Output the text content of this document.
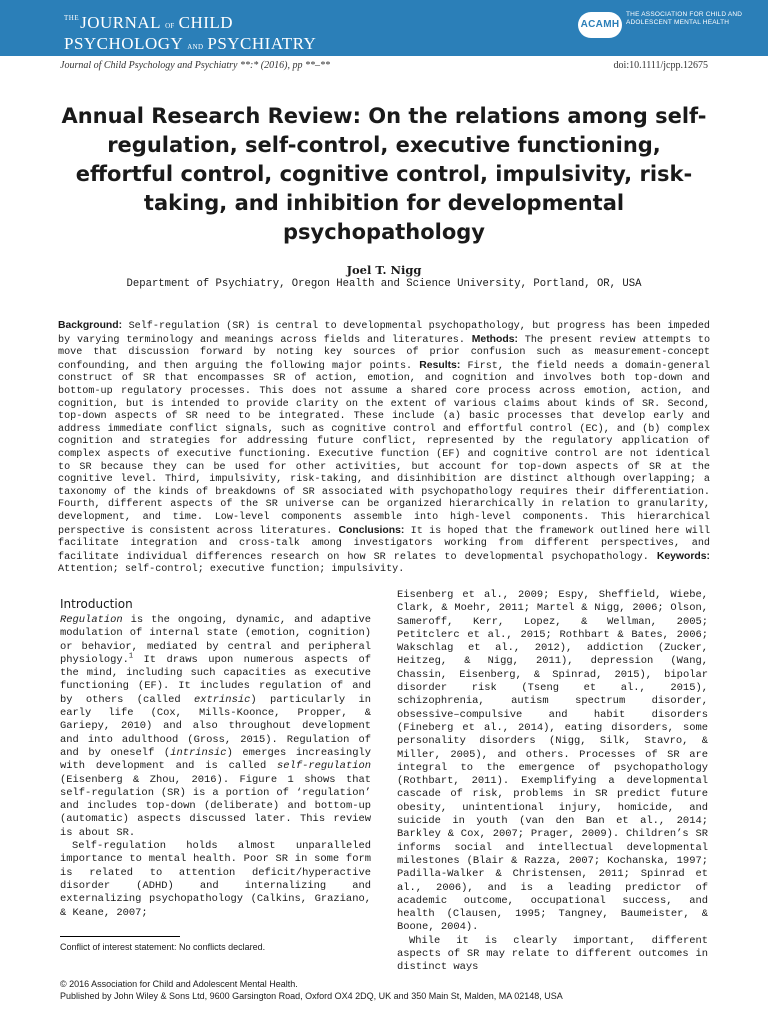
$^{THE}$JOURNAL OF CHILD
PSYCHOLOGY AND PSYCHIATRY
ACAMH
THE ASSOCIATION FOR CHILD AND ADOLESCENT MENTAL HEALTH
Journal of Child Psychology and Psychiatry **:* (2016), pp **–**	doi:10.1111/jcpp.12675
Annual Research Review: On the relations among self-regulation, self-control, executive functioning, effortful control, cognitive control, impulsivity, risk-taking, and inhibition for developmental psychopathology
Joel T. Nigg
Department of Psychiatry, Oregon Health and Science University, Portland, OR, USA
Background: Self-regulation (SR) is central to developmental psychopathology, but progress has been impeded by varying terminology and meanings across fields and literatures. Methods: The present review attempts to move that discussion forward by noting key sources of prior confusion such as measurement-concept confounding, and then arguing the following major points. Results: First, the field needs a domain-general construct of SR that encompasses SR of action, emotion, and cognition and involves both top-down and bottom-up regulatory processes. This does not assume a shared core process across emotion, action, and cognition, but is intended to provide clarity on the extent of various claims about kinds of SR. Second, top-down aspects of SR need to be integrated. These include (a) basic processes that develop early and address immediate conflict signals, such as cognitive control and effortful control (EC), and (b) complex cognition and strategies for addressing future conflict, represented by the regulatory application of complex aspects of executive functioning. Executive function (EF) and cognitive control are not identical to SR because they can be used for other activities, but account for top-down aspects of SR at the cognitive level. Third, impulsivity, risk-taking, and disinhibition are distinct although overlapping; a taxonomy of the kinds of breakdowns of SR associated with psychopathology requires their differentiation. Fourth, different aspects of the SR universe can be organized hierarchically in relation to granularity, development, and time. Low-level components assemble into high-level components. This hierarchical perspective is consistent across literatures. Conclusions: It is hoped that the framework outlined here will facilitate integration and cross-talk among investigators working from different perspectives, and facilitate individual differences research on how SR relates to developmental psychopathology. Keywords: Attention; self-control; executive function; impulsivity.
Introduction

Regulation is the ongoing, dynamic, and adaptive modulation of internal state (emotion, cognition) or behavior, mediated by central and peripheral physiology.$^1$ It draws upon numerous aspects of the mind, including such capacities as executive functioning (EF). It includes regulation of and by others (called extrinsic) particularly in early life (Cox, Mills-Koonce, Propper, & Gariepy, 2010) and also throughout development and into adulthood (Gross, 2015). Regulation of and by oneself (intrinsic) emerges increasingly with development and is called self-regulation (Eisenberg & Zhou, 2016). Figure 1 shows that self-regulation (SR) is a portion of ‘regulation’ and includes top-down (deliberate) and bottom-up (automatic) aspects discussed later. This review is about SR.

Self-regulation holds almost unparalleled importance to mental health. Poor SR in some form is related to attention deficit/hyperactive disorder (ADHD) and internalizing and externalizing psychopathology (Calkins, Graziano, & Keane, 2007;

Eisenberg et al., 2009; Espy, Sheffield, Wiebe, Clark, & Moehr, 2011; Martel & Nigg, 2006; Olson, Sameroff, Kerr, Lopez, & Wellman, 2005; Petitclerc et al., 2015; Rothbart & Bates, 2006; Wakschlag et al., 2012), addiction (Zucker, Heitzeg, & Nigg, 2011), depression (Wang, Chassin, Eisenberg, & Spinrad, 2015), bipolar disorder risk (Tseng et al., 2015), schizophrenia, autism spectrum disorder, obsessive–compulsive and habit disorders (Fineberg et al., 2014), eating disorders, some personality disorders (Nigg, Silk, Stavro, & Miller, 2005), and others. Processes of SR are integral to the emergence of psychopathology (Rothbart, 2011). Exemplifying a developmental cascade of risk, problems in SR predict future obesity, unintentional injury, homicide, and suicide in youth (van den Ban et al., 2014; Barkley & Cox, 2007; Prager, 2009). Children’s SR informs social and intellectual developmental milestones (Blair & Razza, 2007; Kochanska, 1997; Padilla-Walker & Christensen, 2011; Spinrad et al., 2006), and is a leading predictor of academic outcome, occupational success, and health (Clausen, 1995; Tangney, Baumeister, & Boone, 2004).

While it is clearly important, different aspects of SR may relate to different outcomes in distinct ways

Conflict of interest statement: No conflicts declared.
© 2016 Association for Child and Adolescent Mental Health.
Published by John Wiley & Sons Ltd, 9600 Garsington Road, Oxford OX4 2DQ, UK and 350 Main St, Malden, MA 02148, USA
